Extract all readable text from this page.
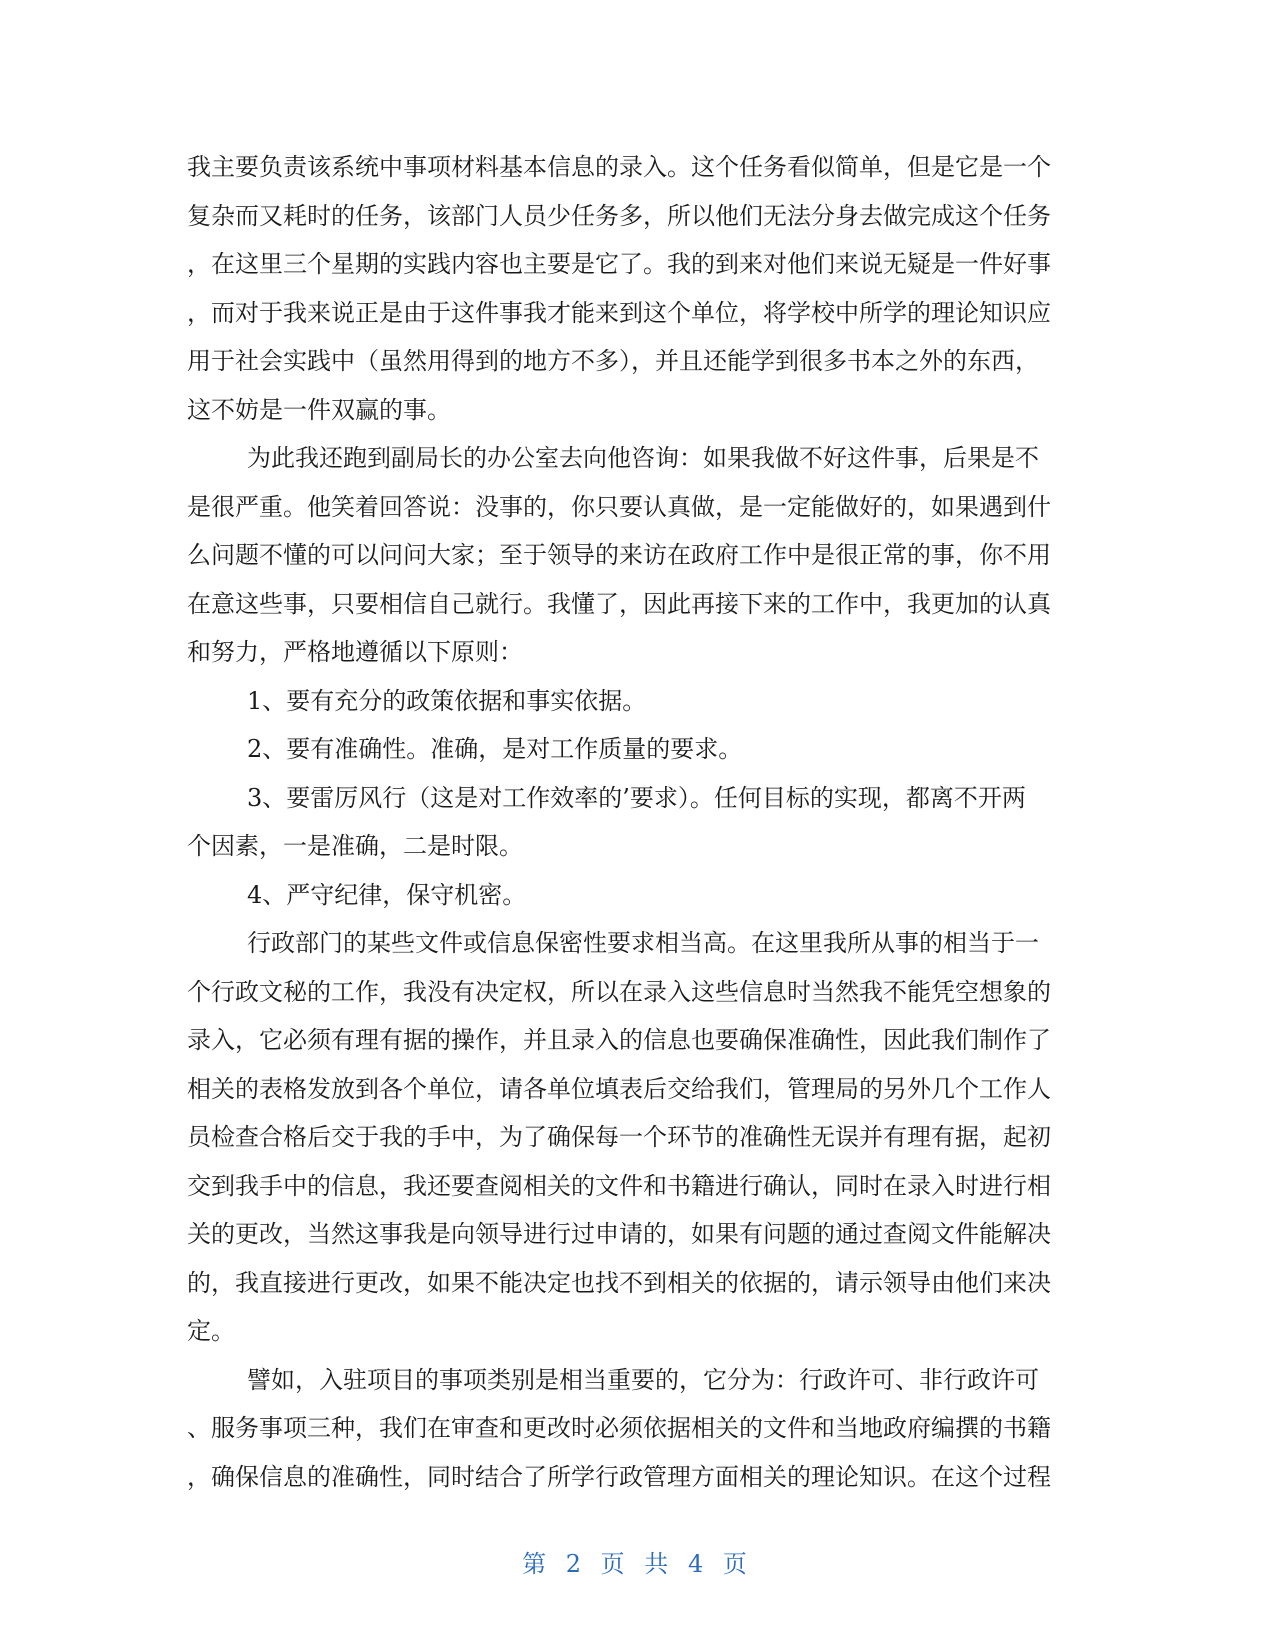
我主要负责该系统中事项材料基本信息的录入。这个任务看似简单，但是它是一个
复杂而又耗时的任务，该部门人员少任务多，所以他们无法分身去做完成这个任务
，在这里三个星期的实践内容也主要是它了。我的到来对他们来说无疑是一件好事
，而对于我来说正是由于这件事我才能来到这个单位，将学校中所学的理论知识应
用于社会实践中（虽然用得到的地方不多），并且还能学到很多书本之外的东西，
这不妨是一件双赢的事。
为此我还跑到副局长的办公室去向他咨询：如果我做不好这件事，后果是不
是很严重。他笑着回答说：没事的，你只要认真做，是一定能做好的，如果遇到什
么问题不懂的可以问问大家；至于领导的来访在政府工作中是很正常的事，你不用
在意这些事，只要相信自己就行。我懂了，因此再接下来的工作中，我更加的认真
和努力，严格地遵循以下原则：
1、要有充分的政策依据和事实依据。
2、要有准确性。准确，是对工作质量的要求。
3、要雷厉风行（这是对工作效率的’要求）。任何目标的实现，都离不开两
个因素，一是准确，二是时限。
4、严守纪律，保守机密。
行政部门的某些文件或信息保密性要求相当高。在这里我所从事的相当于一
个行政文秘的工作，我没有决定权，所以在录入这些信息时当然我不能凭空想象的
录入，它必须有理有据的操作，并且录入的信息也要确保准确性，因此我们制作了
相关的表格发放到各个单位，请各单位填表后交给我们，管理局的另外几个工作人
员检查合格后交于我的手中，为了确保每一个环节的准确性无误并有理有据，起初
交到我手中的信息，我还要查阅相关的文件和书籍进行确认，同时在录入时进行相
关的更改，当然这事我是向领导进行过申请的，如果有问题的通过查阅文件能解决
的，我直接进行更改，如果不能决定也找不到相关的依据的，请示领导由他们来决
定。
譬如，入驻项目的事项类别是相当重要的，它分为：行政许可、非行政许可
、服务事项三种，我们在审查和更改时必须依据相关的文件和当地政府编撰的书籍
，确保信息的准确性，同时结合了所学行政管理方面相关的理论知识。在这个过程
第 2 页 共 4 页
